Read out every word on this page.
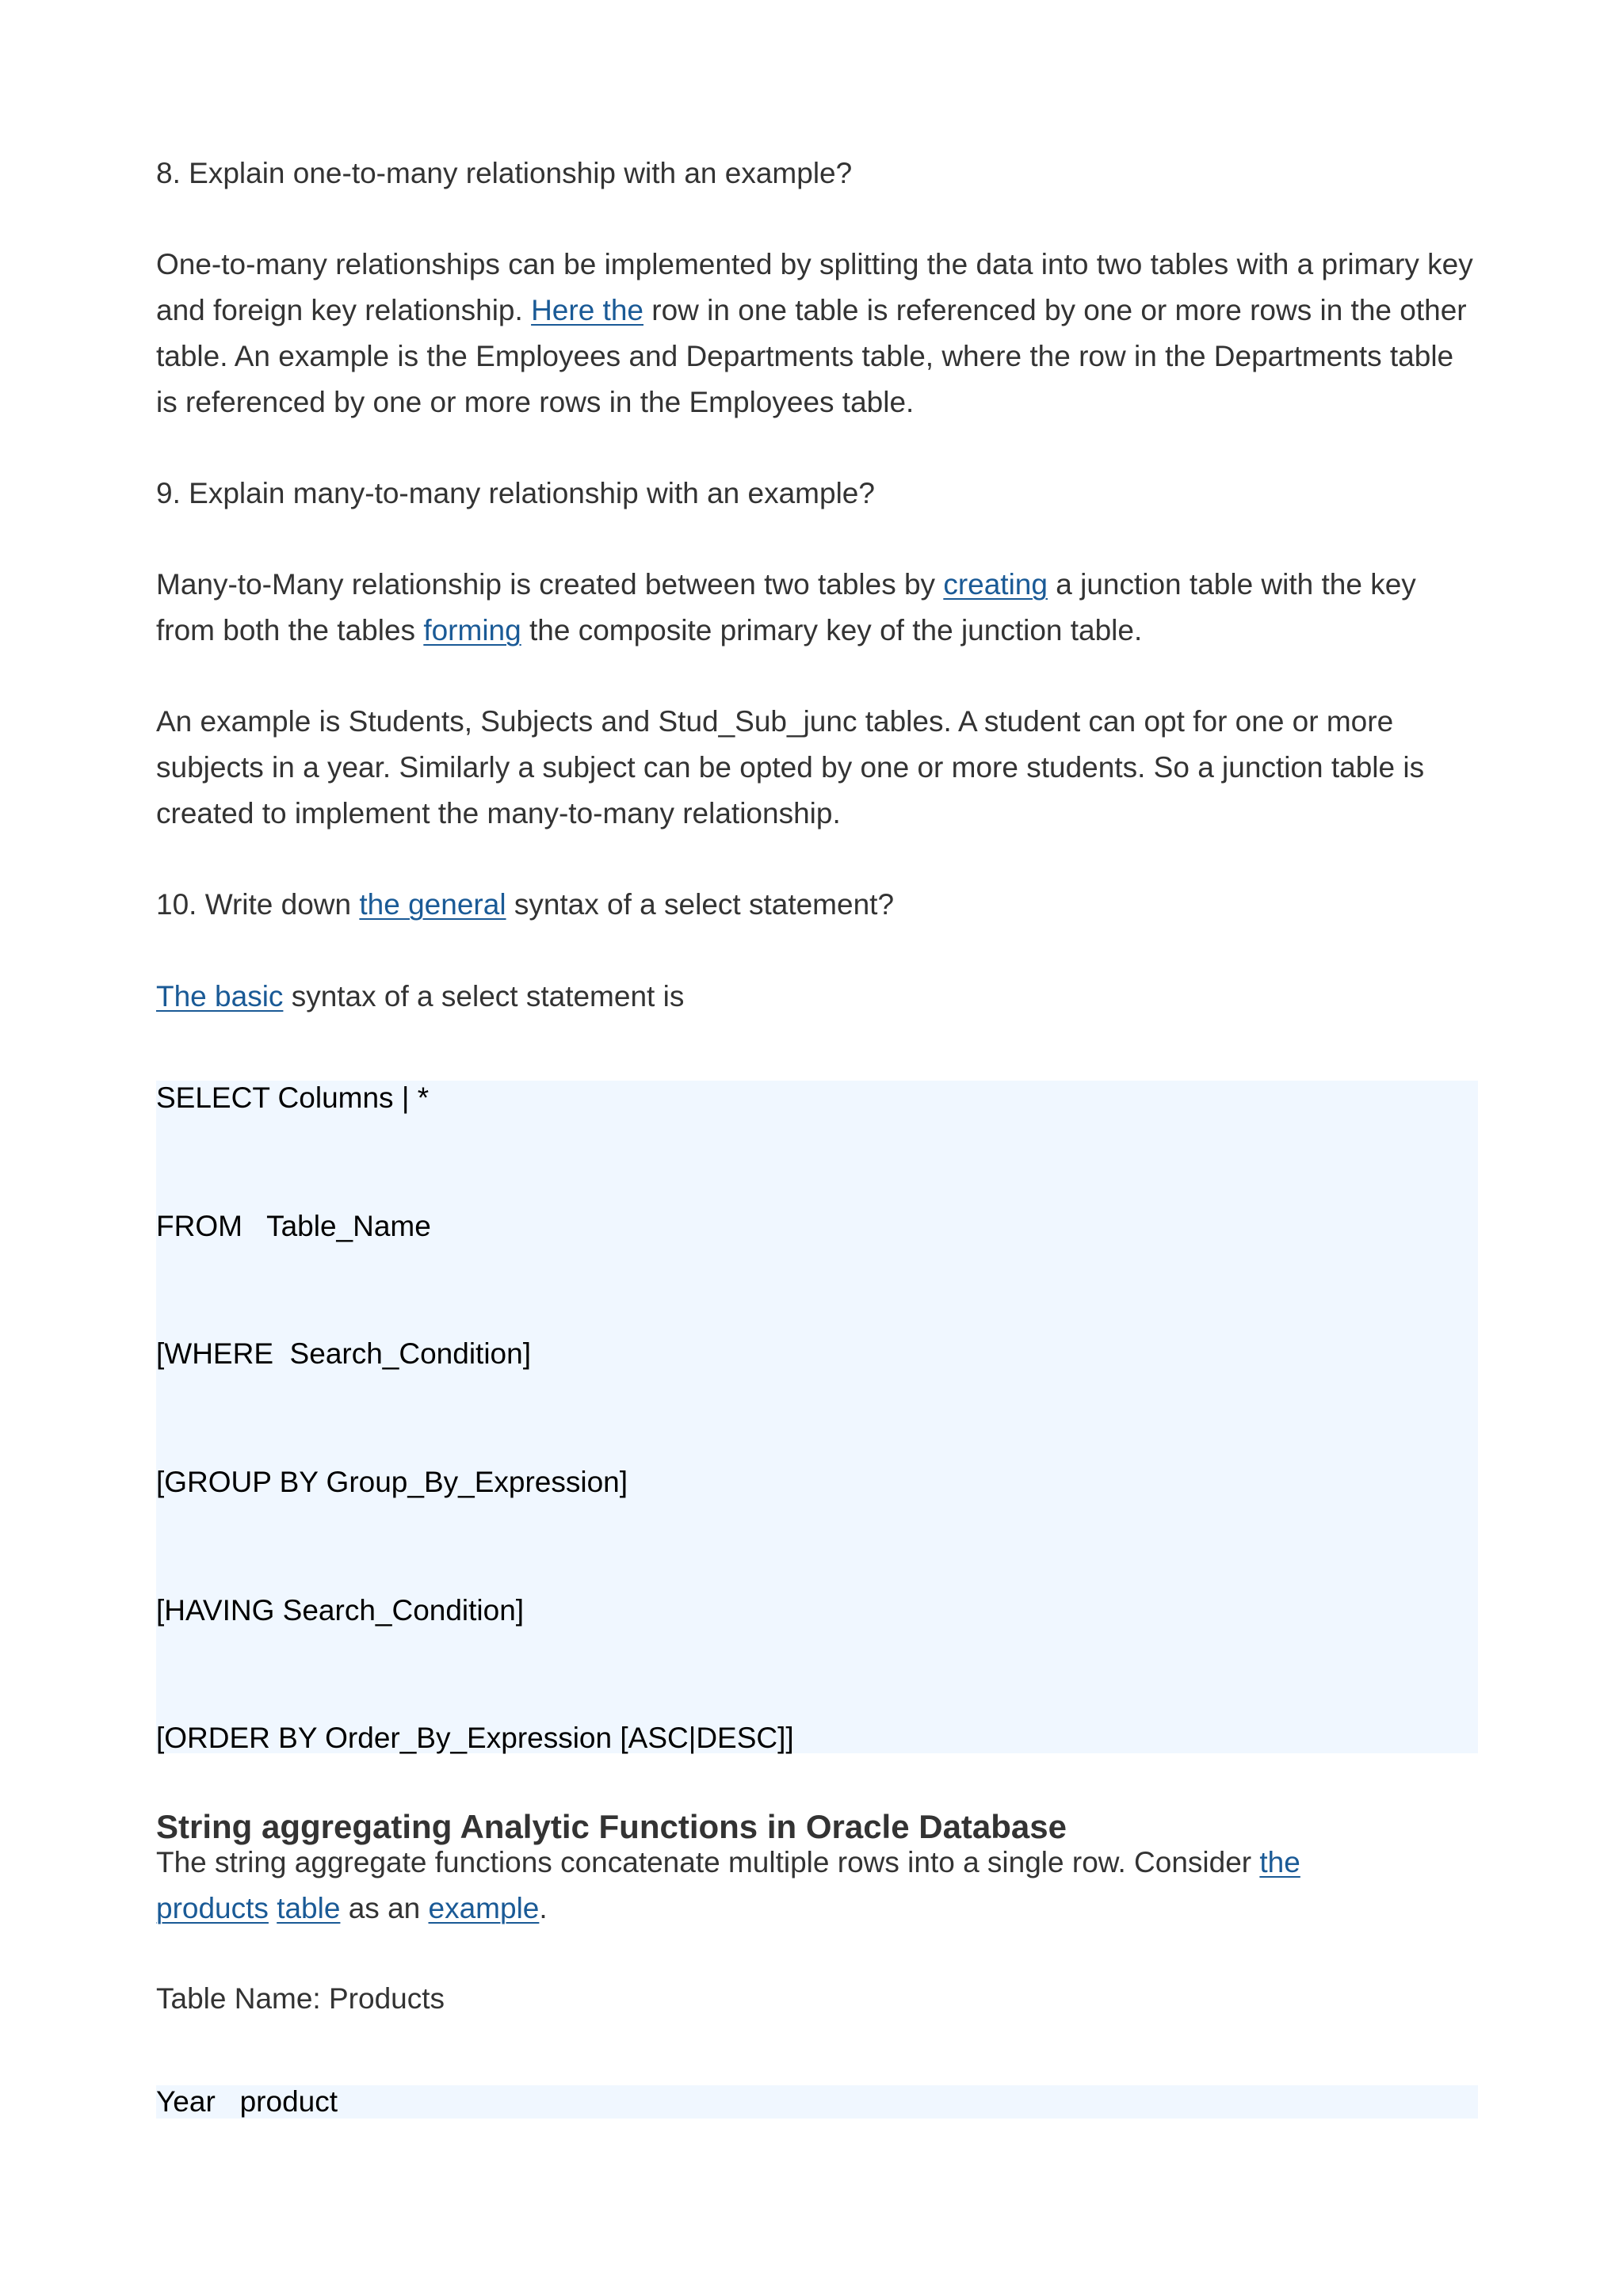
8. Explain one-to-many relationship with an example?

One-to-many relationships can be implemented by splitting the data into two tables with a primary key and foreign key relationship. Here the row in one table is referenced by one or more rows in the other table. An example is the Employees and Departments table, where the row in the Departments table is referenced by one or more rows in the Employees table.

9. Explain many-to-many relationship with an example?

Many-to-Many relationship is created between two tables by creating a junction table with the key from both the tables forming the composite primary key of the junction table.

An example is Students, Subjects and Stud_Sub_junc tables. A student can opt for one or more subjects in a year. Similarly a subject can be opted by one or more students. So a junction table is created to implement the many-to-many relationship.

10. Write down the general syntax of a select statement?

The basic syntax of a select statement is

SELECT Columns | *
FROM   Table_Name
[WHERE  Search_Condition]
[GROUP BY Group_By_Expression]
[HAVING Search_Condition]
[ORDER BY Order_By_Expression [ASC|DESC]]
String aggregating Analytic Functions in Oracle Database

The string aggregate functions concatenate multiple rows into a single row. Consider the products table as an example.

Table Name: Products

Year   product
